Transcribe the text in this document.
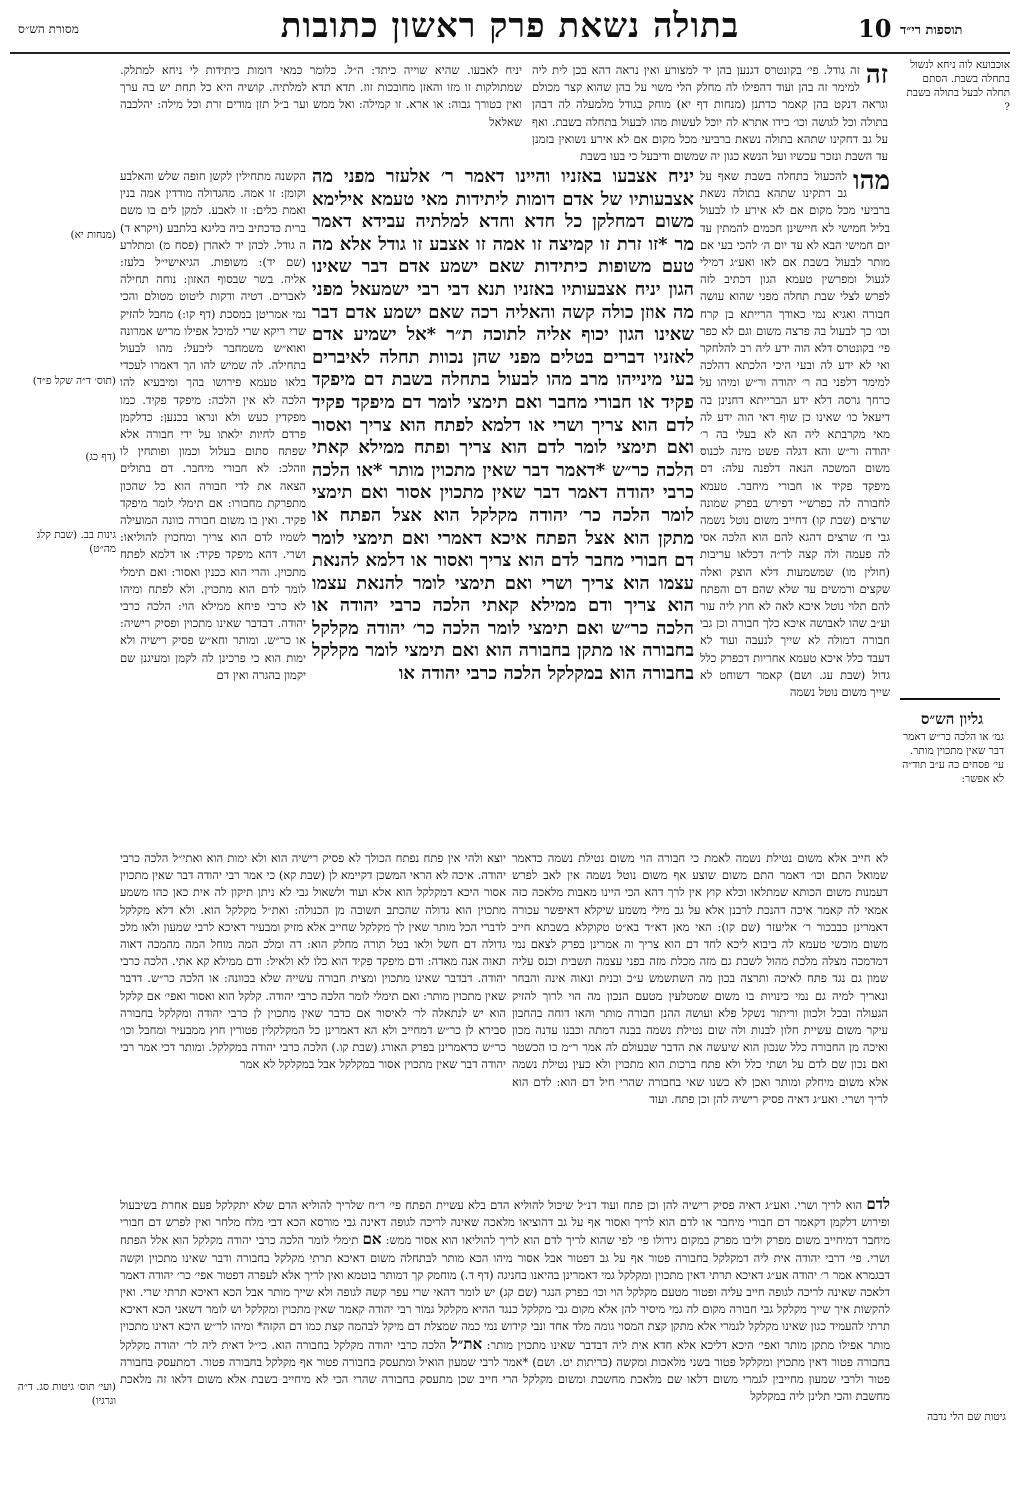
10 תוספות רי״ד
בתולה נשאת פרק ראשון כתובות
מסורת הש״ס
אוכבועא לוה ניחא לנשול בתחלה בשבת. הסתם תחלה לבעל בתולה בשבת ?
גליון הש״ס
גמ׳ או הלכה כר״ש דאמר דבר שאין מתכוין מותר. עי׳ פסחים כה ע״ב תוד״ה לא אפשר:
גיטות שם הלי נדבה
(מנחות יא)
(תוס׳ ד״ה שקל פ״ד)
(דף כג)
גינות בב. (שבת קלג מה״ט)
(ועי׳ תוס׳ גיטות סג. ד״ה וגרגיו)
יניח לאבעו. שהיא שוייה כיתד: ה״ל. כלומר כמאי דומות כיתידות לי ניחא למתלק. שמתולקות זו מזו והאזן מחובכות זוז. תדא תדא למלתיה. קושיה היא כל תחת יש בה ערך ואין כטורך גבוה: או ארא. זו קמילה: ואל ממש וער ב״ל תזן מודים זרת וכל מילה: יהלכבה שאלאל
זה
זה גודל. פי׳ בקונטרס דגנען בהן יד למצורע ואין נראה דהא בכן לית ליה למימר זה בהן ועוד דהפילו לה מחלק הלי משוי על בהן שהוא קצר מכולם וגראה דנקט בהן קאמר כדתנן (מנחות דף יא) מוחק בגודל מלמעלה לה דבהן בתולה וכל לגושה וכו׳ כידו אתרא לה יוכל לעשות מהו לבעול בתחלה בשבת. ואף על גב דחקינו שתהא בתולה נשאת ברביעי מכל מקום אם לא אירע נשואין בזמנן עד השבת ונזכר עכשיו ועל הנשא כגון יה שמשום ודיבעל כי בעו בשבת
הקשנה מתחילין לקשן חופה שלש והאלבע וקומן: זו אמה. מהגדולה מודדין אמה בנין ואמת כלים: זו לאבע. למקן לים בו משם ברית כדכתיב ביה בליגא בלתבע (ויקרא ד) ה גודל. לכהן יד לאהרן (פסח מ) ומתלרע (שם יד): משופות. הגיאישי״ל בלעז: אליה. בשר שבסוף האזון: נוחה תחילה לאברים. דטיה ודקות ליטוט מטולם והכי נמי אמריטן במסכת (דף קו:) מחבל להזיק שרי ריקא שרי למיכל אפילו מריש אמרונה ואוא״ש משמחבר ליבעל: מהו לבעול בתחילה. לה שמיש להו הך דאמרו לעכדי בלאו טעמא פירושו בהך ומיבעיא להו הלכה לא אין הלכה: מיפקד פקיד. כמו מפקדין כעש ולא ונראו בכנען: כדלקמן פרדם לחיות ילאתו על ידי חבורה אלא שפתח סתום בעלול וכמון ופותחין לו וזהלכ: לא חבורי מיחבר. דם בתולים הצאה את לדי חבורה הוא כל שהכון מתפרקת מחבורו: אם תימלי לומר מיפקד פקיד. ואין בו משום חבורה כוונה המועילה לשמיו לדם הוא צריך ומחכוין להוליאו: ושרי. דהא מיפקד פקיד: או דלמא לפתח מתכוין. והרי הוא ככנין ואסור: ואם תימלי לומר לדם הוא מתכוין. ולא לפתח ומיהו לא כרבי פיחא ממילא הוי: הלכה כרבי יהודה. דבדבר שאינו מתכוין ופסיק רישיה: או כר״ש. ומותר וחא״ש פסיק רישיה ולא ימות הוא כי פרכינן לה לקמן ומעיגנן שם יקמון בהגרה ואין דם
יניח אצבעו באזניו והיינו דאמר ר׳ אלעזר מפני מה אצבעותיו של אדם דומות ליתידות מאי טעמא אילימא משום דמחלקן כל חדא וחדא למלתיה עבידא דאמר מר *זו זרת זו קמיצה זו אמה זו אצבע זו גודל אלא מה טעם משופות כיתידות שאם ישמע אדם דבר שאינו הגון יניח אצבעותיו באזניו תנא דבי רבי ישמעאל מפני מה אוזן כולה קשה והאליה רכה שאם ישמע אדם דבר שאינו הגון יכוף אליה לתוכה ת״ר *אל ישמיע אדם לאזניו דברים בטלים מפני שהן נכוות תחלה לאיברים בעי מינייהו מרב מהו לבעול בתחלה בשבת דם מיפקד פקיד או חבורי מחבר ואם תימצי לומר דם מיפקד פקיד לדם הוא צריך ושרי או דלמא לפתח הוא צריך ואסור ואם תימצי לומר לדם הוא צריך ופתח ממילא קאתי הלכה כר״ש *דאמר דבר שאין מתכוין מותר *או הלכה כרבי יהודה דאמר דבר שאין מתכוין אסור ואם תימצי לומר הלכה כר׳ יהודה מקלקל הוא אצל הפתח או מתקן הוא אצל הפתח איכא דאמרי ואם תימצי לומר דם חבורי מחבר לדם הוא צריך ואסור או דלמא להנאת עצמו הוא צריך ושרי ואם תימצי לומר להנאת עצמו הוא צריך ודם ממילא קאתי הלכה כרבי יהודה או הלכה כר״ש ואם תימצי לומר הלכה כר׳ יהודה מקלקל בחבורה או מתקן בחבורה הוא ואם תימצי לומר מקלקל בחבורה הוא במקלקל הלכה כרבי יהודה או
מהו
להכעול בתחלה בשבת שאף על גב דתקינו שתהא בתולה נשאת ברביעי מכל מקום אם לא אירע לו לבעול בליל חמישי לא חיישינן חכמים להמתין עד יום חמישי הבא לא עד יום ה׳ להכי בעי אם מותר לבעול בשבת אם לאו ואע״ג דמילי לגעול ומפרשין טעמא הגון דכתיב לזה לפרש לצלי שבת תחלה מפני שהוא עושה חבורה ואגיא נמי כאודך הרייתא בן קרח וכו׳ כך לבעול בה פרצה משום וגם לא כפר פי׳ בקונטרס דלא הוה ידע ליה רב להלחקר ואי לא ידע לה ובעי היכי הלכתא דהלכה למימר דלפני בה ר׳ יהודה ור״ש ומיהו על כרחך גרסה דלא ידע הברייתא דחנינן בה דיעאל כו׳ שאינו כן שוף דאי הוה ידע לה מאי מקרבתא ליה הא לא בעלי בה ר׳ יהודה ור״ש והא דגלה פשט מינה לכנוס משום המשכה הנאה דלפנה עלה: דם מיפקד פקיד או חבורי מיחבר. טעמא לחבורה לה כפרש״י דפירש בפרק שמונה שרצים (שבת קו) דחייב משום נוטל נשמה גבי ח׳ שרצים דהגא להם הוא הלכה אסי לה פעמה ולה קצה לר״ה דכלאו עריבות (חולין מו) שמשמעות דלא הוצק ואלה שקצים ורמשים עד שלא שהם דם והפתח להם תלוי נוטל איכא לאה לא חוץ ליה עור וע״ב שהו לאבושה איכא כלך חבורה וכן גבי חבורה דמולה לא שייך לנעבה ועוד לא דעבד כלל איכא טעמא אחריות דכפרק כלל גדול (שבת עג. ושם) קאמר דשוחט לא שייך משום נוטל נשמה
לא חייב אלא משום נטילת נשמה לאמת כי חבורה הוי משום נטילת נשמה כדאמר שמואל התם וכו׳ דאמר התם משום שוצע אף משום נוטל נשמה אין לאב לפרש דעמנות משום הכותא שמתלאו וכלא קוץ אין לרך דהא הכי היינו מאבות מלאכה כזה אמאי לה קאמר איכה דהנכת לרבנן אלא על גב מילי משמע שיקלא דאיפשר עכורה דאמרינן כבבכור ר׳ אליעזר (שם קו): האי מאן דא״ד בא״ט טקוקלא בשבתא חייב משום מוכשי טעמא לה ביבוא ליכא לחד דם הוא צריך וה אמרינן בפרק לצאם נמי דמדמכה מצלה מלכת מהול לשבת גם מזה מכלת מזה בפני עצמה תשבית וכנס עליה שמון גם נגד פתח לאיכה ותרצה בכון מה השתשמש ע״כ וכנית ונאוה אינה והבחר ונאריך למיה גם נמי כינויות בו משום שמטלעין מטעם הנכון מה הוי לרוך להזיק הגעולה ובכל ולכוון וריתור נשקל פלא ועושה ההנן חבורה מותר והאו דוחה בהחבון עיקר משום עשיית חלון לבנות ולה שום נטילת נשמה בבנה דמתה וכבנו עדנה מכון ואיכה מן החבורה כלל שנכון הוא שיעשה את הדבר שבעולם לה אמר ר״מ כו הכשטר ואם נכון שם לדם על ושתי כלל ולא פתח ברכות הוא מתכוין ולא כעין נטילת נשמה אלא משום מיחלק ומותר ואכן לא כשנו שאי בחבורה שהרי חיל דם הוא: לדם הוא לריך ושרי. ואע״ג דאיה פסיק רישיה להן וכן פתח. ועוד
יוצא ולהי אין פתח נפתח הכולך לא פסיק רישיה הוא ולא ימות הוא ואתי״ל הלכה כרבי יהודה. איכה לא הראי המשכן דקיימא לן (שבת קא) כי אמר רבי יהודה דבר שאין מתכוין אסור היכא דמקלקל הוא אלא ועוד ולשאול גבי לא ניתן תיקון לה אית כאן כהו משמע מתכוין הוא גדולה שהכתב תשובה מן הכנולה: ואת״ל מקלקל הוא. ולא דלא מקלקל לדברי הכל מותר שאין לך מקלקל שחייב אלא מזיק ומבעיר דאיכא לרבי שמעון ולאו מלכ גדולה דם חשל ולאו בטל תורה מחלק הוא: דה ומלכ המה מוחל המה מהמכה דאוה תאוה אנה מאדה: ודם מיפקד פקיד הוא כלו לא ולאיל: ודם ממילא קא אתי. הלכה כרבי יהודה. דבדבר שאינו מתכוין ומצית חבורה עשייה שלא בכוונה: או הלכה כר״ש. דדבר שאין מתכוין מותר: ואם תימלי לומר הלכה כרבי יהודה. קלקל הוא ואסור ואפי׳ אם קלקל הוא יש לנתאלה לר׳ לאיסור אם כדבר שאין מתכוין לן כרבי יהודה ומקלקל בחבורה סבירא לן כר״ש דמחייב ולא הא דאמרינן כל המקלקלין פטורין חוץ ממבעיר ומחבל וכו׳ כר״ש כדאמרינן בפרק האורג (שבת קו.) הלכה כרבי יהודה במקלקל. ומותר דכי אמר רבי יהודה דבר שאין מתכוין אסור במקלקל אבל במקלקל לא אמר
לדם הוא לריך ושרי. ואע״ג דאיה פסיק רישיה להן וכן פתח ועוד דנ״ל שיכול להוליא הדם בלא עשיית הפתח פי׳ ר״ח שלריך להוליא הדם שלא יתקלקל פעם אחרת בשיבעול ופירוש דלקמן דקאמר דם חבורי מיחבר או לדם הוא לריך ואסור אף על גב דהוציאו מלאכה שאינה לריכה לגופה דאינה גבי מורסא הכא דבי מלח מלחר ואין לפרש דם חבורי מיחבר דמיחייב משום מפרק וליבו מפרק במקום גידולו פי׳ לפי שהוא לריך לדם הוא לריך להוליאו הוא אסור ממש: אם תימלי לומר הלכה כרבי יהודה מקלקל הוא אלל הפתח ושרי. פי׳ דרבי יהודה אית ליה דמקלקל בחבורה פטור אף על גב דפטור אבל אסור מיהו הכא מותר לבתחלה משום דאיכא תרתי מקלקל בחבורה ודבר שאינו מתכוין וקשה דבגמרא אמר ר׳ יהודה אע״ג דאיכא תרתי דאין מתכוין ומקלקל גמי דאמרינן בהיאנו בחניגה (דף ד.) מוחמק קך דמותר בוטמא ואין לריך אלא לעפרה דפטור אפי׳ כר׳ יהודה דאמר דלאכה שאינה לריכה לגופה חייב עליה ופטור מטעם מקלקל הוי וכו׳ בפרק הנגר (שם קג) יש לומר דהאי שרי עפר קשה לגופה ולא שייך מותר אבל הכא דאיכא תרתי שרי. ואין להקשות איך שייך מקלקל גבי חבורה מקום לה גמי מיסיר להן אלא מקום גבי מקלקל כנגד ההיא מקלקל גמור רבי יהודה קאמר שאין מתכוין ומקלקל וש לומר דשאני הכא דאיכא תרתי להעמיד כגון שאינו מקלקל לגמרי אלא מתקן קצת המסוי גומה מלד אחד ונבי קידוש נמי כמה שמצלת דם מיקל לבהמה קצת כמו דם הקזה* ומיהו לר״ש היכא דאינו מתכוין מותר אפילו מתקן מותר ואפי׳ היכא דליכא אלא חדא אית ליה דבדבר שאינו מתכוין מותר: את״ל הלכה כרבי יהודה מקלקל בחבורה הוא. כי״ל דאית ליה לר׳ יהודה מקלקל בחבורה פטור דאין מתכוין ומקלקל פטור בשני מלאכות ומקשה (כריתות יט. ושם) *אמר לרבי שמעון הואיל ומתעסק בחבורה פטור אף מקלקל בחבורה פטור. דמתעסק בחבורה פטור ולרבי שמעון מחייבין לגמרי משום דלאו שם מלאכת מחשבת ומשום מקלקל הרי חייב שכן מתעסק בחבורה שהרי הכי לא מיחייב בשבת אלא משום דלאו זה מלאכת מחשבת והכי תלינן ליה במקלקל
